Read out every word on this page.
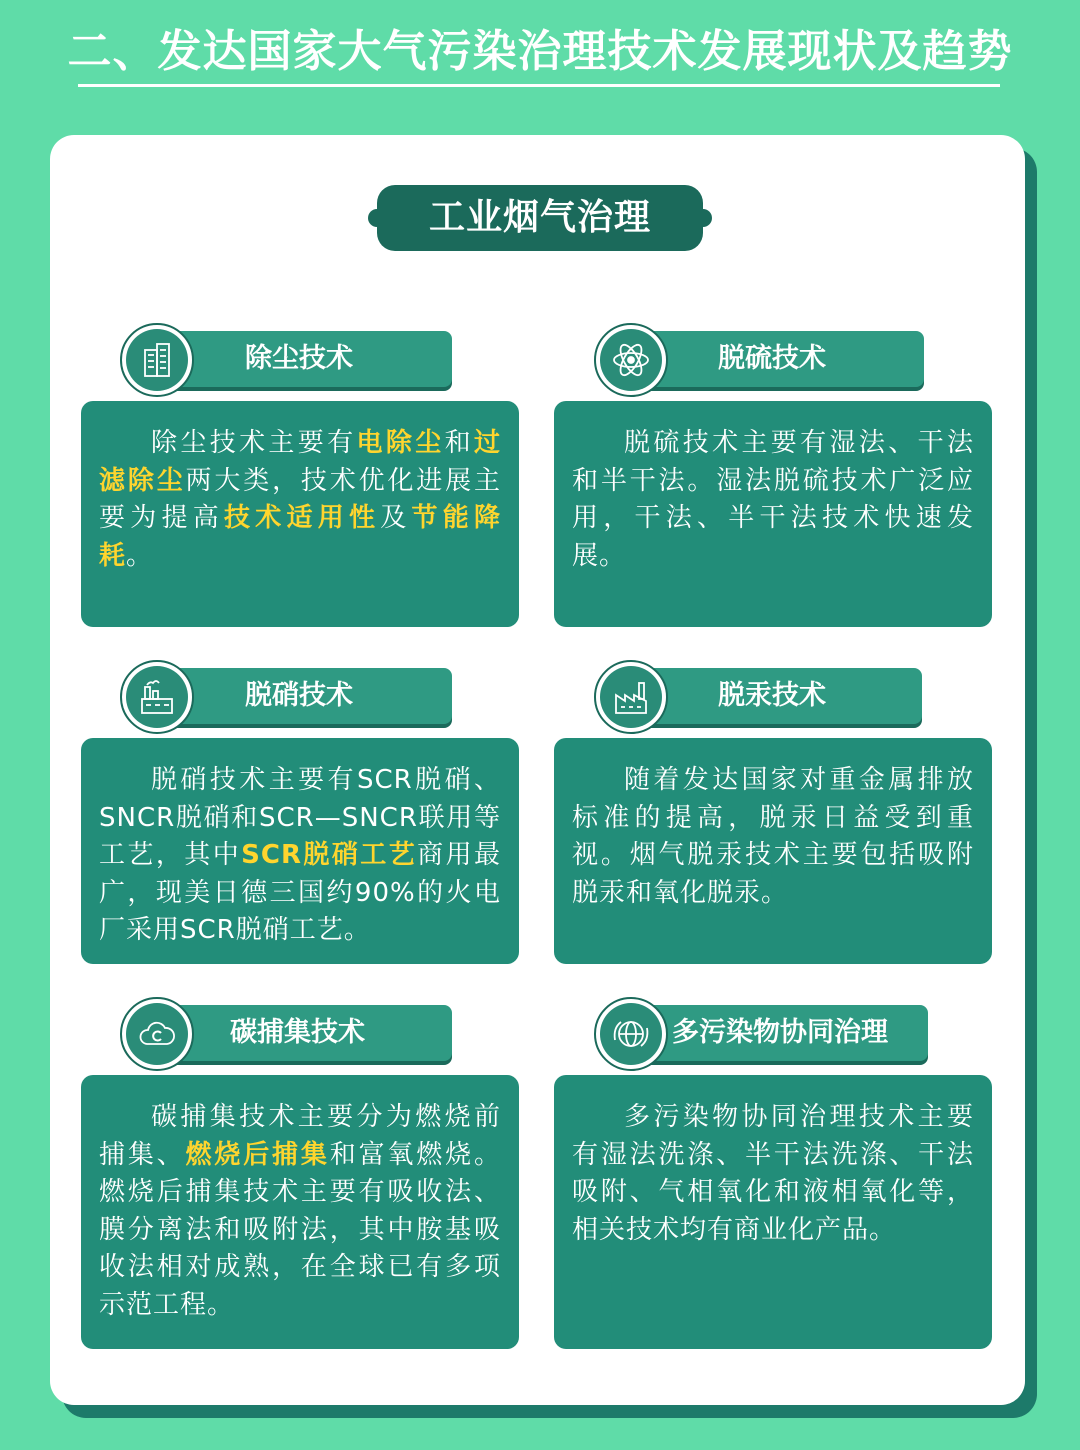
二、发达国家大气污染治理技术发展现状及趋势
工业烟气治理
除尘技术

除尘技术主要有电除尘和过滤除尘两大类，技术优化进展主要为提高技术适用性及节能降耗。

脱硫技术

脱硫技术主要有湿法、干法和半干法。湿法脱硫技术广泛应用，干法、半干法技术快速发展。

脱硝技术

脱硝技术主要有SCR脱硝、SNCR脱硝和SCR—SNCR联用等工艺，其中SCR脱硝工艺商用最广，现美日德三国约90%的火电厂采用SCR脱硝工艺。

脱汞技术

随着发达国家对重金属排放标准的提高，脱汞日益受到重视。烟气脱汞技术主要包括吸附脱汞和氧化脱汞。

碳捕集技术

碳捕集技术主要分为燃烧前捕集、燃烧后捕集和富氧燃烧。燃烧后捕集技术主要有吸收法、膜分离法和吸附法，其中胺基吸收法相对成熟，在全球已有多项示范工程。

多污染物协同治理

多污染物协同治理技术主要有湿法洗涤、半干法洗涤、干法吸附、气相氧化和液相氧化等，相关技术均有商业化产品。
